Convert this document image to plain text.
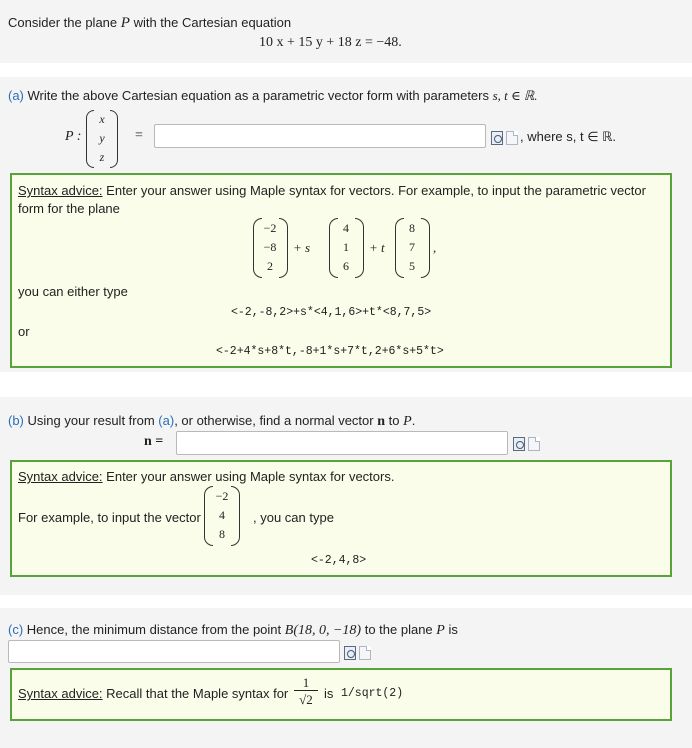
Consider the plane P with the Cartesian equation
10 x + 15 y + 18 z = −48.
(a) Write the above Cartesian equation as a parametric vector form with parameters s, t ∈ ℝ.
P :
x
y
z
=	, where s, t ∈ ℝ.
Syntax advice: Enter your answer using Maple syntax for vectors. For example, to input the parametric vector form for the plane
−2
−8
2
+ s
4
1
6
+ t
8
7
5
,
you can either type
<-2,-8,2>+s*<4,1,6>+t*<8,7,5>
or
<-2+4*s+8*t,-8+1*s+7*t,2+6*s+5*t>
(b) Using your result from (a), or otherwise, find a normal vector n to P.
n =
Syntax advice: Enter your answer using Maple syntax for vectors.
For example, to input the vector
−2
4
8
, you can type
<-2,4,8>
(c) Hence, the minimum distance from the point B(18, 0, −18) to the plane P is
Syntax advice: Recall that the Maple syntax for $\frac{1}{√2}$ is 1/sqrt(2)
